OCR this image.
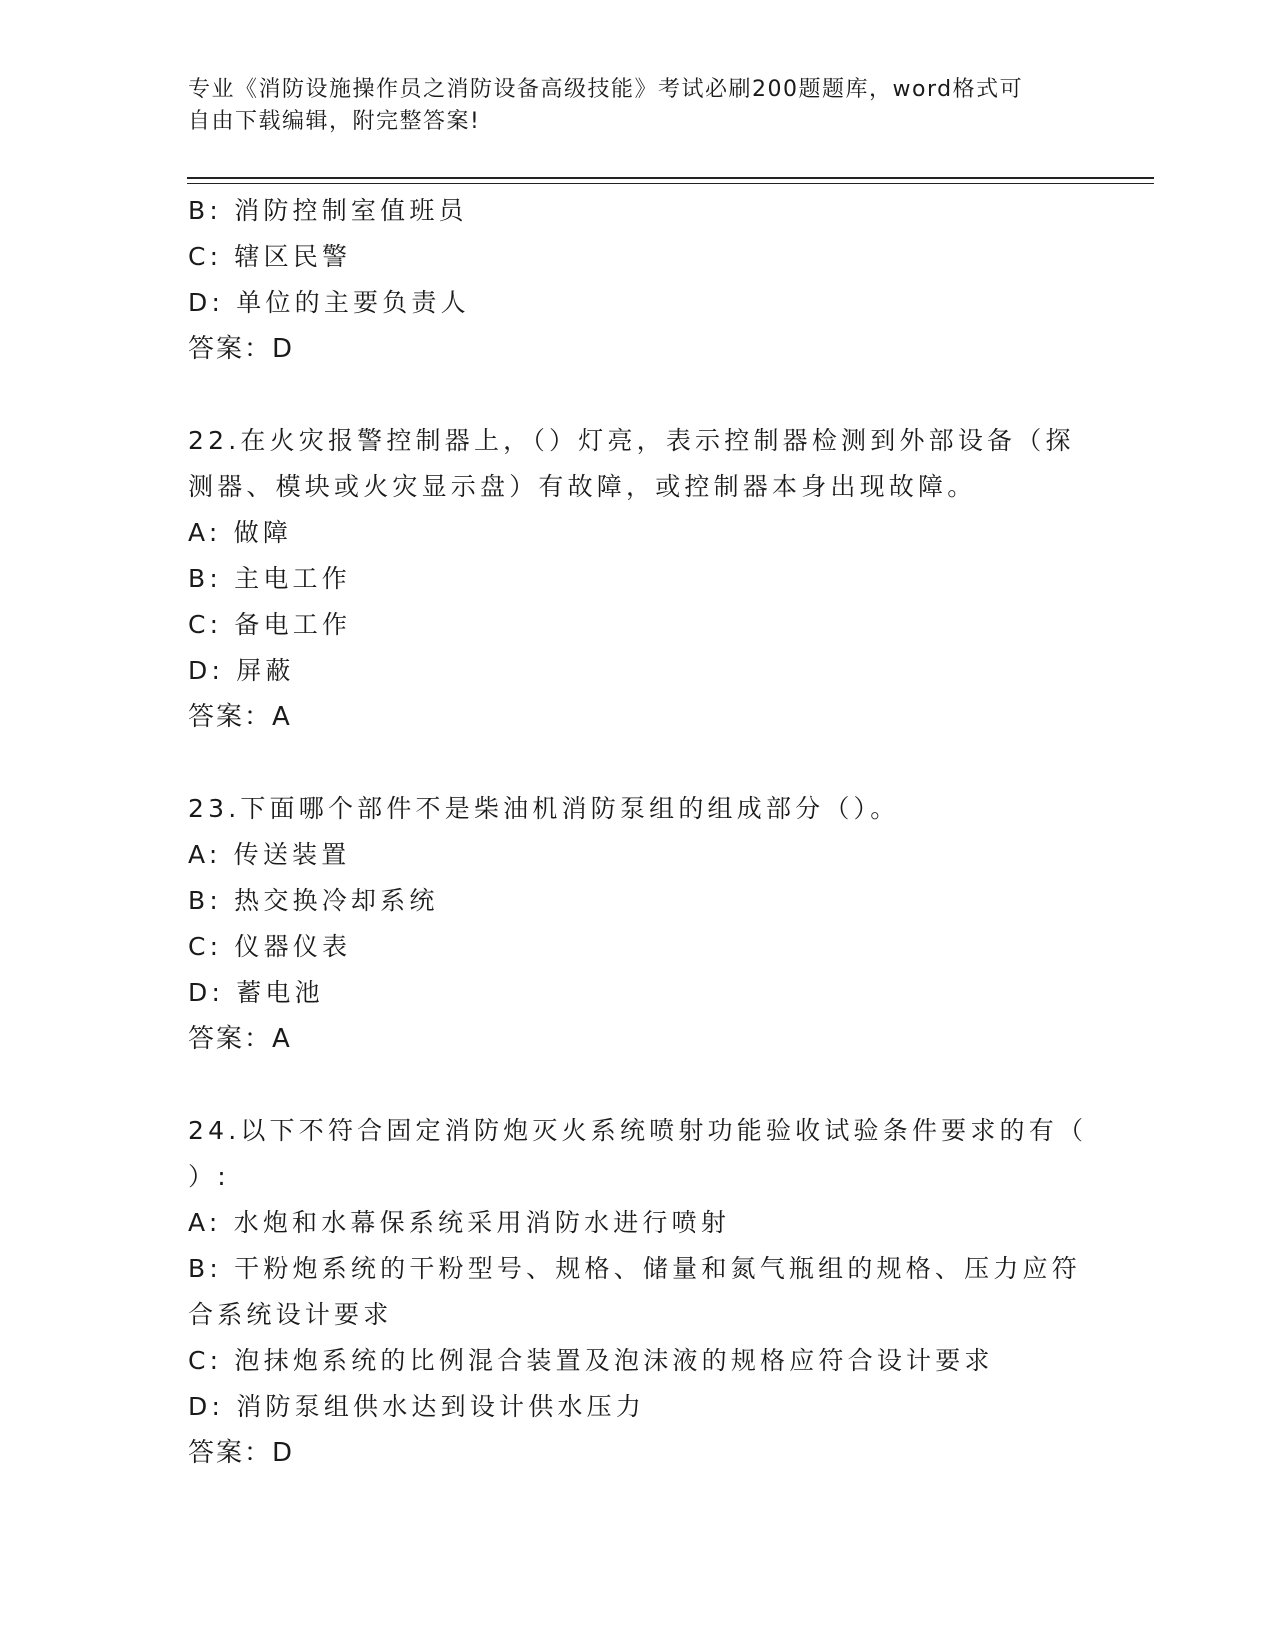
专业《消防设施操作员之消防设备高级技能》考试必刷200题题库，word格式可
自由下载编辑，附完整答案!
B: 消防控制室值班员
C: 辖区民警
D: 单位的主要负责人
答案：D
22.在火灾报警控制器上，（）灯亮，表示控制器检测到外部设备（探
测器、模块或火灾显示盘）有故障，或控制器本身出现故障。
A: 做障
B: 主电工作
C: 备电工作
D: 屏蔽
答案：A
23.下面哪个部件不是柴油机消防泵组的组成部分（）。
A: 传送装置
B: 热交换冷却系统
C: 仪器仪表
D: 蓄电池
答案：A
24.以下不符合固定消防炮灭火系统喷射功能验收试验条件要求的有（
）:
A: 水炮和水幕保系统采用消防水进行喷射
B: 干粉炮系统的干粉型号、规格、储量和氮气瓶组的规格、压力应符
合系统设计要求
C: 泡抹炮系统的比例混合装置及泡沫液的规格应符合设计要求
D: 消防泵组供水达到设计供水压力
答案：D
